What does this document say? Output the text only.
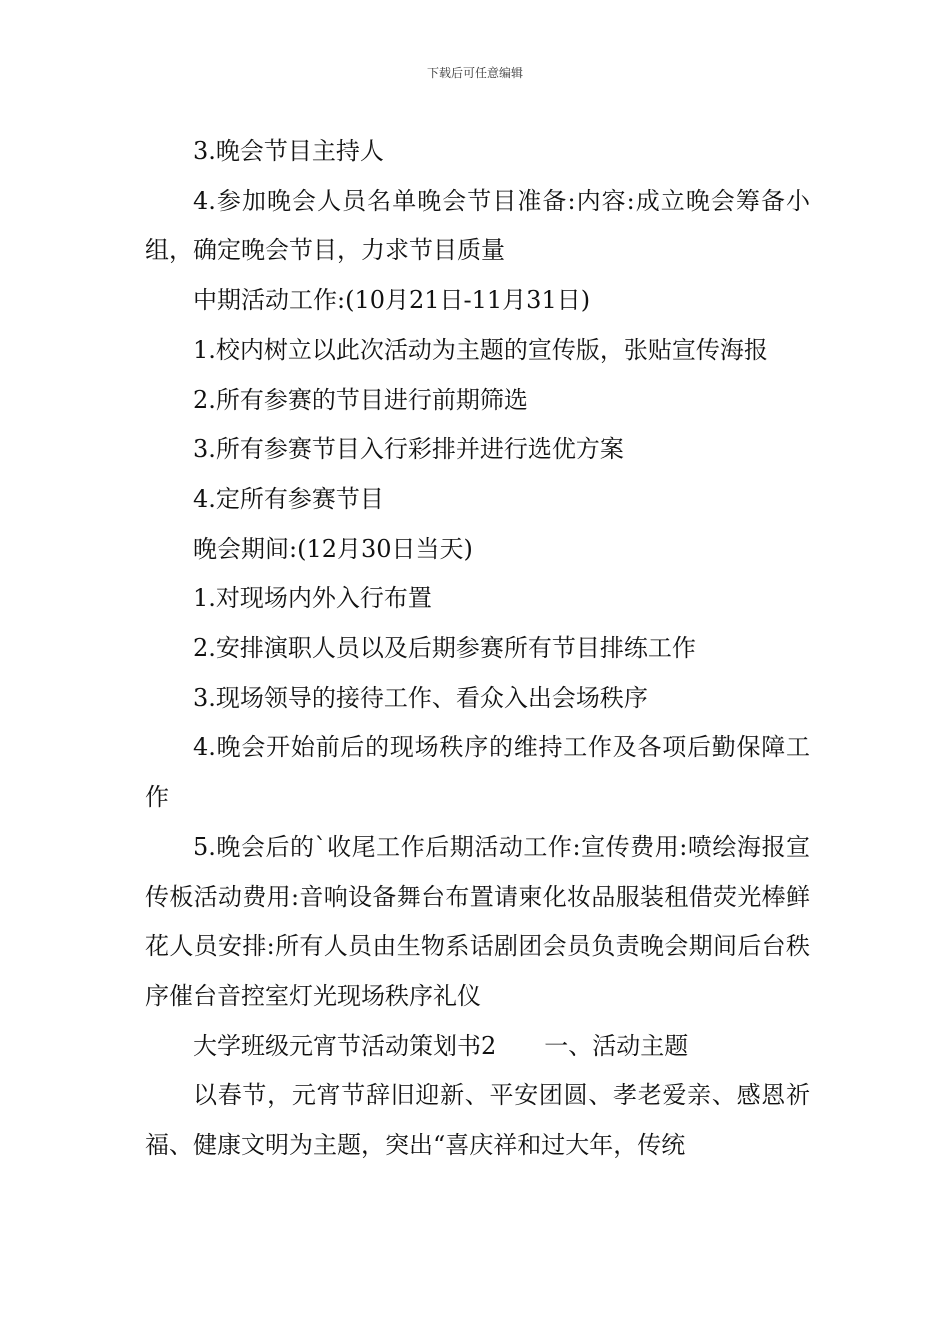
下载后可任意编辑

3.晚会节目主持人

4.参加晚会人员名单晚会节目准备:内容:成立晚会筹备小组，确定晚会节目，力求节目质量

中期活动工作:(10月21日-11月31日)

1.校内树立以此次活动为主题的宣传版，张贴宣传海报

2.所有参赛的节目进行前期筛选

3.所有参赛节目入行彩排并进行选优方案

4.定所有参赛节目

晚会期间:(12月30日当天)

1.对现场内外入行布置

2.安排演职人员以及后期参赛所有节目排练工作

3.现场领导的接待工作、看众入出会场秩序

4.晚会开始前后的现场秩序的维持工作及各项后勤保障工作

5.晚会后的`收尾工作后期活动工作:宣传费用:喷绘海报宣传板活动费用:音响设备舞台布置请柬化妆品服装租借荧光棒鲜花人员安排:所有人员由生物系话剧团会员负责晚会期间后台秩序催台音控室灯光现场秩序礼仪

大学班级元宵节活动策划书2 一、活动主题

以春节，元宵节辞旧迎新、平安团圆、孝老爱亲、感恩祈福、健康文明为主题，突出“喜庆祥和过大年，传统
